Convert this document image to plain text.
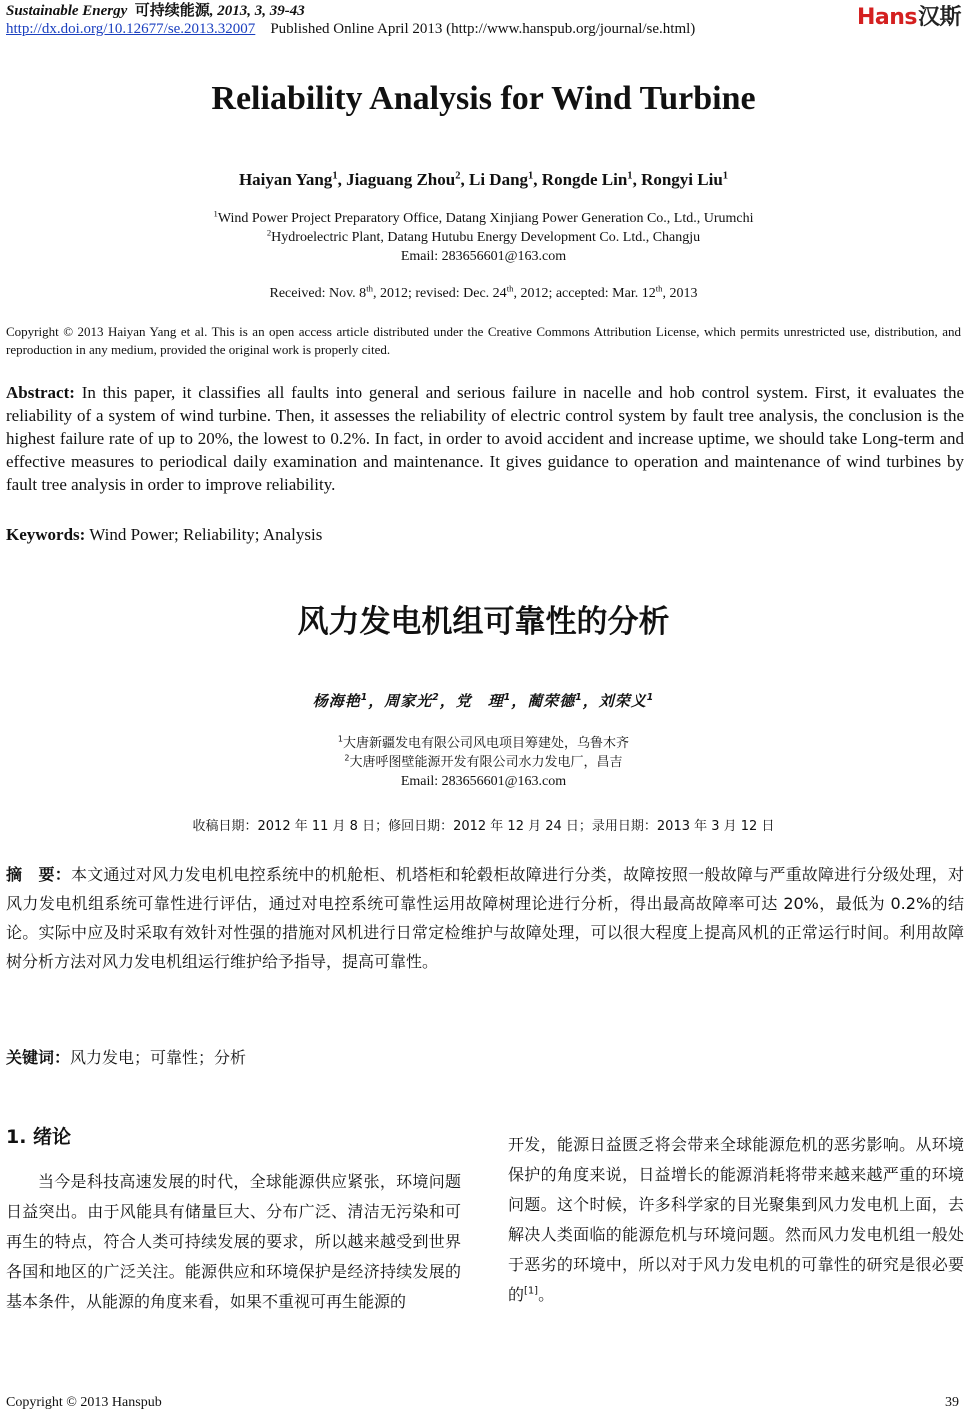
Sustainable Energy 可持续能源, 2013, 3, 39-43
http://dx.doi.org/10.12677/se.2013.32007 Published Online April 2013 (http://www.hanspub.org/journal/se.html)	Hans汉斯
Reliability Analysis for Wind Turbine
Haiyan Yang$^1$, Jiaguang Zhou$^2$, Li Dang$^1$, Rongde Lin$^1$, Rongyi Liu$^1$
$^1$Wind Power Project Preparatory Office, Datang Xinjiang Power Generation Co., Ltd., Urumchi
$^2$Hydroelectric Plant, Datang Hutubu Energy Development Co. Ltd., Changju
Email: 283656601@163.com
Received: Nov. 8th, 2012; revised: Dec. 24th, 2012; accepted: Mar. 12th, 2013
Copyright © 2013 Haiyan Yang et al. This is an open access article distributed under the Creative Commons Attribution License, which permits unrestricted use, distribution, and reproduction in any medium, provided the original work is properly cited.
Abstract: In this paper, it classifies all faults into general and serious failure in nacelle and hob control system. First, it evaluates the reliability of a system of wind turbine. Then, it assesses the reliability of electric control system by fault tree analysis, the conclusion is the highest failure rate of up to 20%, the lowest to 0.2%. In fact, in order to avoid accident and increase uptime, we should take Long-term and effective measures to periodical daily examination and maintenance. It gives guidance to operation and maintenance of wind turbines by fault tree analysis in order to improve reliability.
Keywords: Wind Power; Reliability; Analysis
风力发电机组可靠性的分析
杨海艳$^1$，周家光$^2$，党　理$^1$，蔺荣德$^1$，刘荣义$^1$
$^1$大唐新疆发电有限公司风电项目筹建处，乌鲁木齐
$^2$大唐呼图壁能源开发有限公司水力发电厂，昌吉
Email: 283656601@163.com
收稿日期：2012 年 11 月 8 日；修回日期：2012 年 12 月 24 日；录用日期：2013 年 3 月 12 日
摘　要：本文通过对风力发电机电控系统中的机舱柜、机塔柜和轮毂柜故障进行分类，故障按照一般故障与严重故障进行分级处理，对风力发电机组系统可靠性进行评估，通过对电控系统可靠性运用故障树理论进行分析，得出最高故障率可达 20%，最低为 0.2%的结论。实际中应及时采取有效针对性强的措施对风机进行日常定检维护与故障处理，可以很大程度上提高风机的正常运行时间。利用故障树分析方法对风力发电机组运行维护给予指导，提高可靠性。
关键词：风力发电；可靠性；分析
1. 绪论
当今是科技高速发展的时代，全球能源供应紧张，环境问题日益突出。由于风能具有储量巨大、分布广泛、清洁无污染和可再生的特点，符合人类可持续发展的要求，所以越来越受到世界各国和地区的广泛关注。能源供应和环境保护是经济持续发展的基本条件，从能源的角度来看，如果不重视可再生能源的
开发，能源日益匮乏将会带来全球能源危机的恶劣影响。从环境保护的角度来说，日益增长的能源消耗将带来越来越严重的环境问题。这个时候，许多科学家的目光聚集到风力发电机上面，去解决人类面临的能源危机与环境问题。然而风力发电机组一般处于恶劣的环境中，所以对于风力发电机的可靠性的研究是很必要的[1]。
Copyright © 2013 Hanspub	39
